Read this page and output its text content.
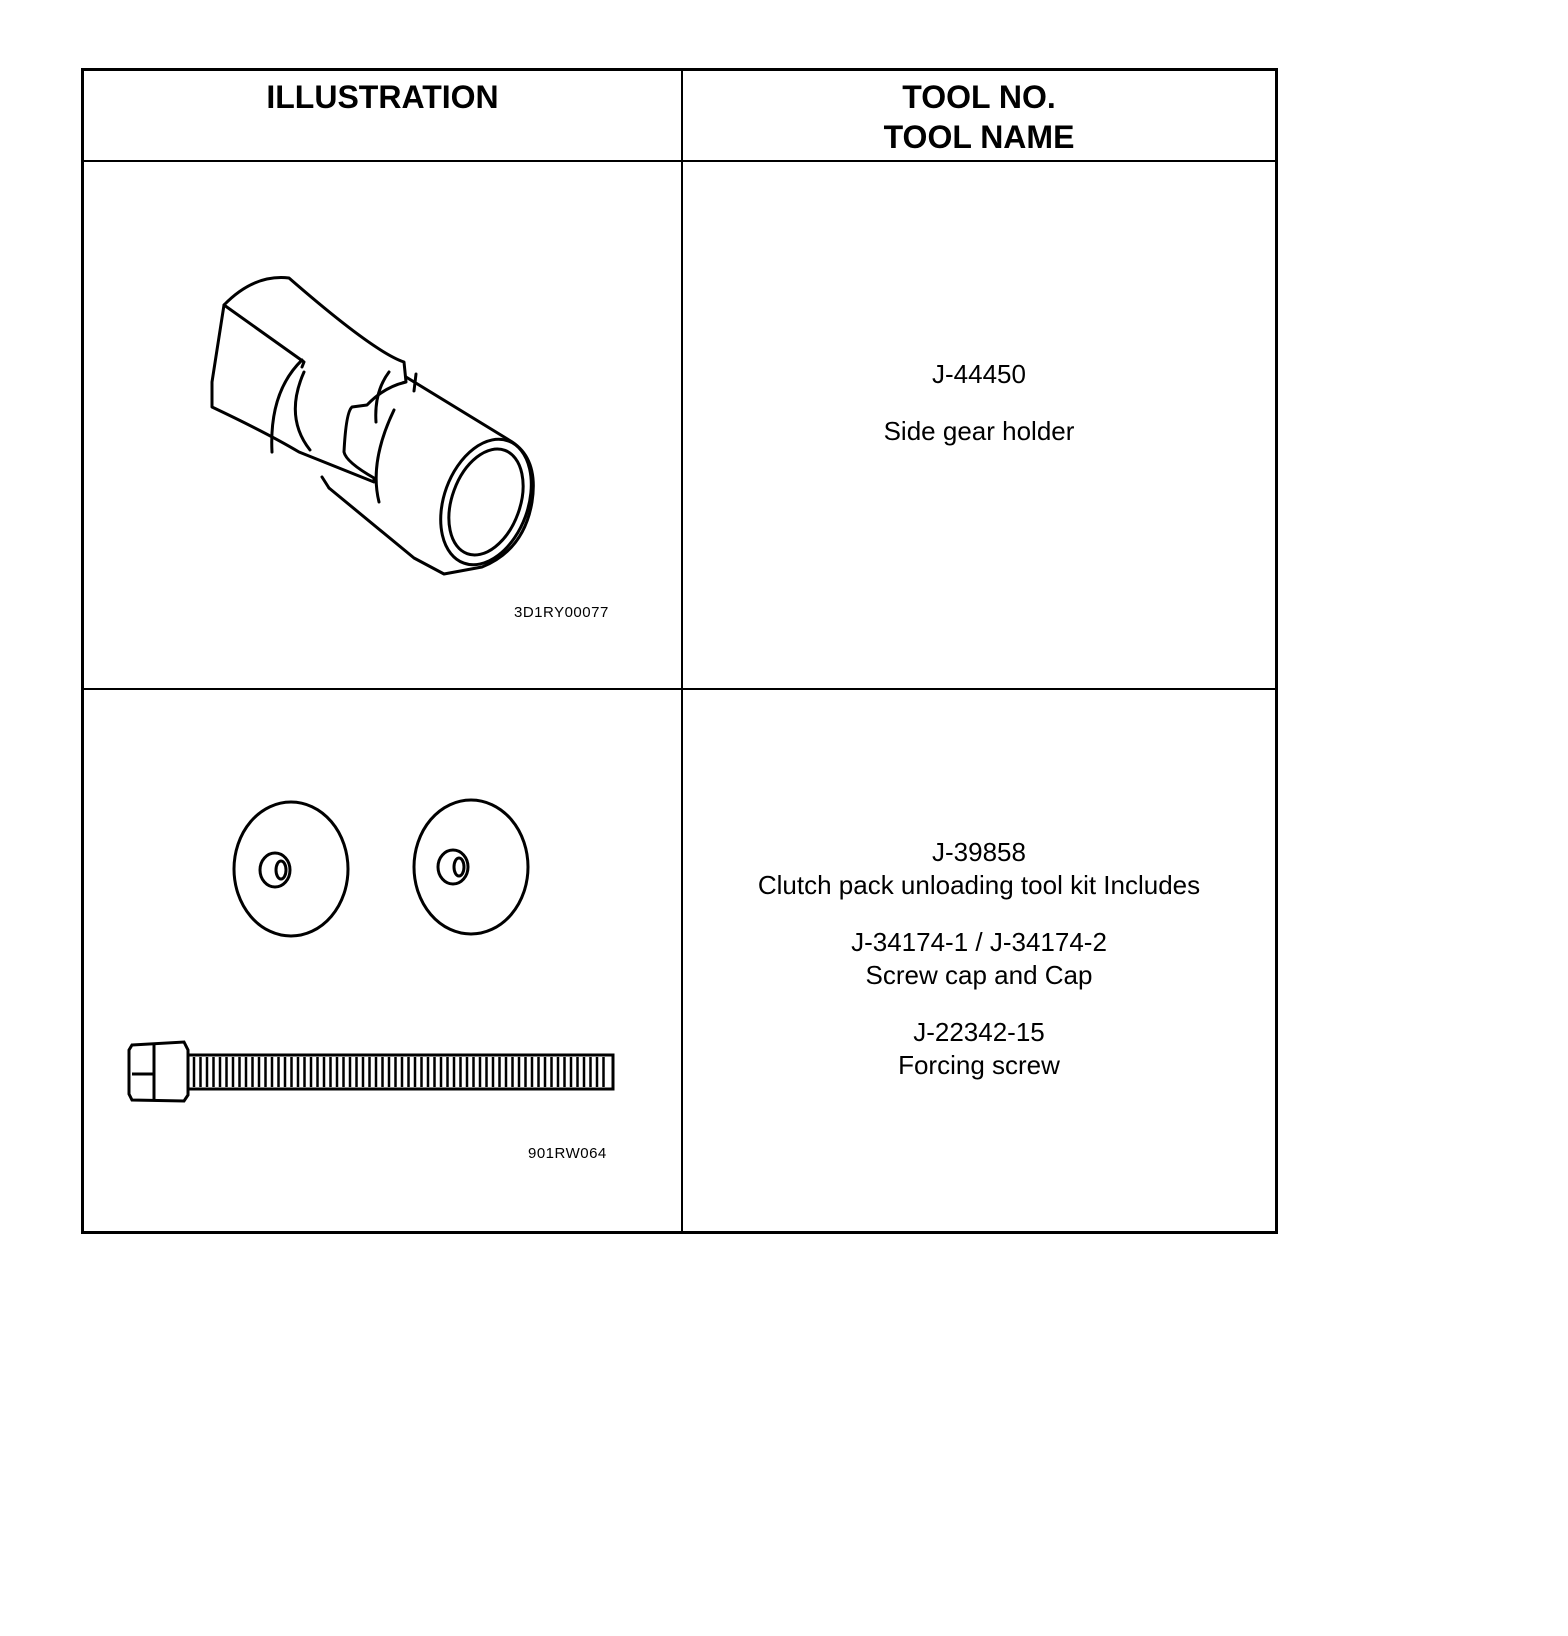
ILLUSTRATION	TOOL NO.
TOOL NAME
3D1RY00077
J-44450
Side gear holder
901RW064
J-39858
Clutch pack unloading tool kit Includes
J-34174-1 / J-34174-2
Screw cap and Cap
J-22342-15
Forcing screw
